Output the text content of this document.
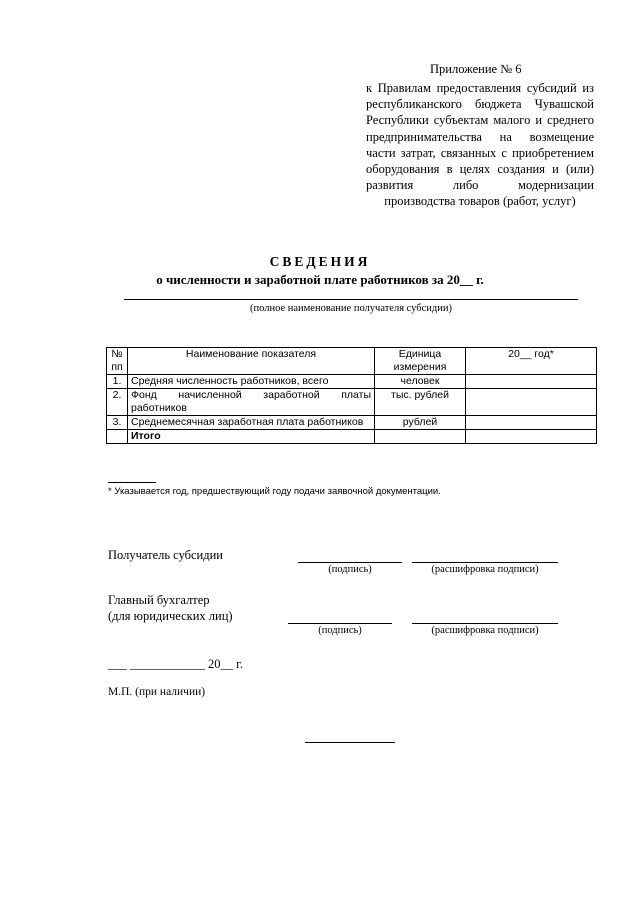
Приложение № 6
к Правилам предоставления субсидий из республиканского бюджета Чувашской Республики субъектам малого и среднего предпринимательства на возмещение части затрат, связанных с приобретением оборудования в целях создания и (или) развития либо модернизации производства товаров (работ, услуг)
СВЕДЕНИЯ
о численности и заработной плате работников за 20__ г.
(полное наименование получателя субсидии)
№ пп	Наименование показателя	Единица измерения	20__ год*
1.	Средняя численность работников, всего	человек	
2.	Фонд начисленной заработной платы работников	тыс. рублей	
3.	Среднемесячная заработная плата работников	рублей	
	Итого		
* Указывается год, предшествующий году подачи заявочной документации.
Получатель субсидии
(подпись)	(расшифровка подписи)
Главный бухгалтер
(для юридических лиц)
(подпись)	(расшифровка подписи)
___ ____________ 20__ г.
М.П. (при наличии)
